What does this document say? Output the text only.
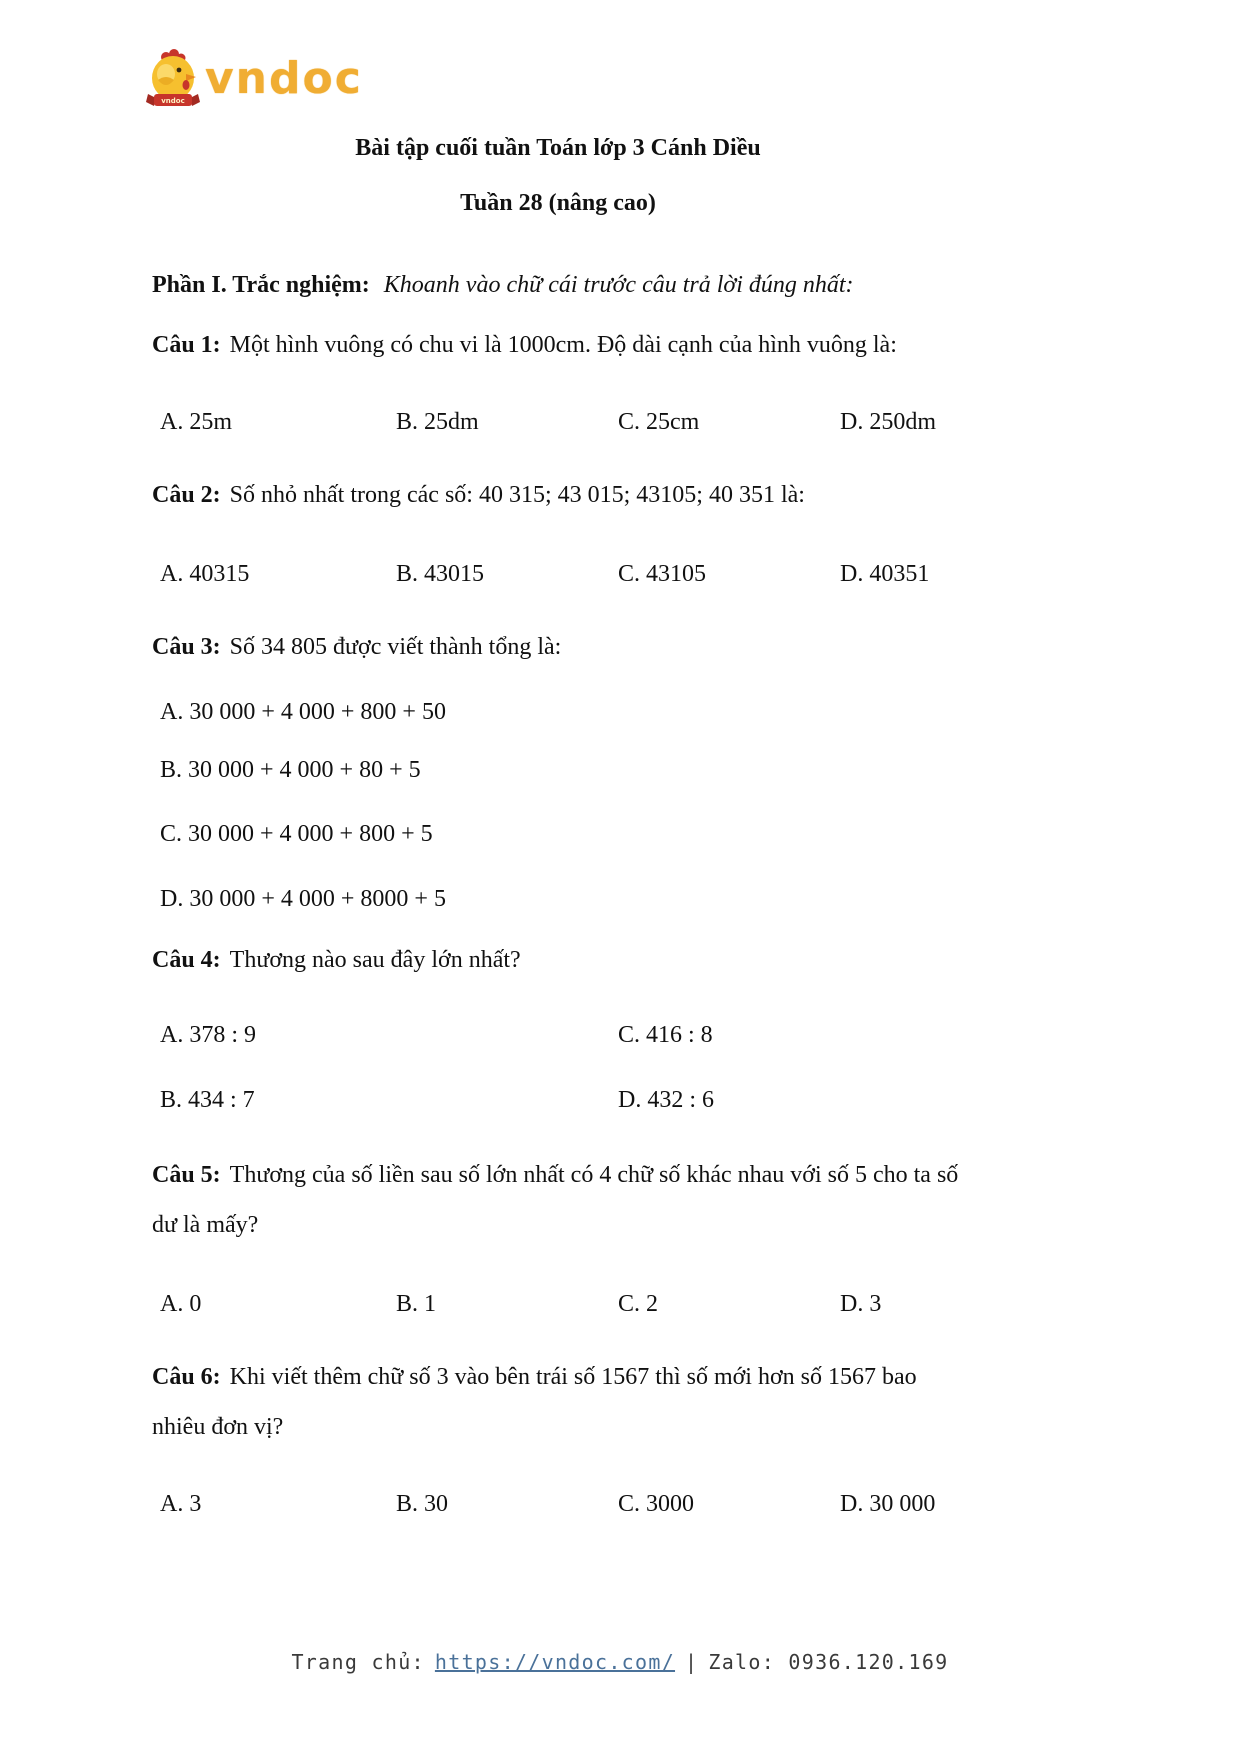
vndoc vndoc
Bài tập cuối tuần Toán lớp 3 Cánh Diều
Tuần 28 (nâng cao)
Phần I. Trắc nghiệm: Khoanh vào chữ cái trước câu trả lời đúng nhất:
Câu 1: Một hình vuông có chu vi là 1000cm. Độ dài cạnh của hình vuông là:
A. 25m	B. 25dm	C. 25cm	D. 250dm
Câu 2: Số nhỏ nhất trong các số: 40 315; 43 015; 43105; 40 351 là:
A. 40315	B. 43015	C. 43105	D. 40351
Câu 3: Số 34 805 được viết thành tổng là:
A. 30 000 + 4 000 + 800 + 50
B. 30 000 + 4 000 + 80 + 5
C. 30 000 + 4 000 + 800 + 5
D. 30 000 + 4 000 + 8000 + 5
Câu 4: Thương nào sau đây lớn nhất?
A. 378 : 9	C. 416 : 8
B. 434 : 7	D. 432 : 6
Câu 5: Thương của số liền sau số lớn nhất có 4 chữ số khác nhau với số 5 cho ta số dư là mấy?
A. 0	B. 1	C. 2	D. 3
Câu 6: Khi viết thêm chữ số 3 vào bên trái số 1567 thì số mới hơn số 1567 bao nhiêu đơn vị?
A. 3	B. 30	C. 3000	D. 30 000
Trang chủ: https://vndoc.com/ | Zalo: 0936.120.169
